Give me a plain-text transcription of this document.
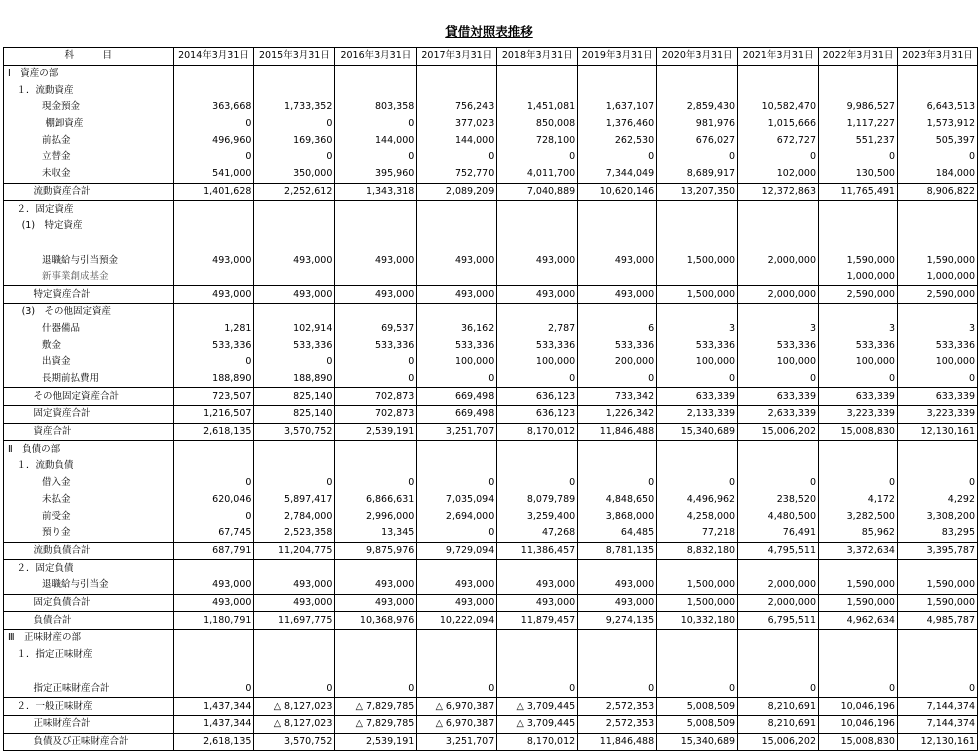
貸借対照表推移
科　　　目	2014年3月31日	2015年3月31日	2016年3月31日	2017年3月31日	2018年3月31日	2019年3月31日	2020年3月31日	2021年3月31日	2022年3月31日	2023年3月31日
Ⅰ　資産の部										
１．流動資産										
現金預金	363,668	1,733,352	803,358	756,243	1,451,081	1,637,107	2,859,430	10,582,470	9,986,527	6,643,513
棚卸資産	0	0	0	377,023	850,008	1,376,460	981,976	1,015,666	1,117,227	1,573,912
前払金	496,960	169,360	144,000	144,000	728,100	262,530	676,027	672,727	551,237	505,397
立替金	0	0	0	0	0	0	0	0	0	0
未収金	541,000	350,000	395,960	752,770	4,011,700	7,344,049	8,689,917	102,000	130,500	184,000
流動資産合計	1,401,628	2,252,612	1,343,318	2,089,209	7,040,889	10,620,146	13,207,350	12,372,863	11,765,491	8,906,822
２．固定資産										
(1)　特定資産										
退職給与引当預金	493,000	493,000	493,000	493,000	493,000	493,000	1,500,000	2,000,000	1,590,000	1,590,000
新事業創成基金									1,000,000	1,000,000
特定資産合計	493,000	493,000	493,000	493,000	493,000	493,000	1,500,000	2,000,000	2,590,000	2,590,000
(3)　その他固定資産										
什器備品	1,281	102,914	69,537	36,162	2,787	6	3	3	3	3
敷金	533,336	533,336	533,336	533,336	533,336	533,336	533,336	533,336	533,336	533,336
出資金	0	0	0	100,000	100,000	200,000	100,000	100,000	100,000	100,000
長期前払費用	188,890	188,890	0	0	0	0	0	0	0	0
その他固定資産合計	723,507	825,140	702,873	669,498	636,123	733,342	633,339	633,339	633,339	633,339
固定資産合計	1,216,507	825,140	702,873	669,498	636,123	1,226,342	2,133,339	2,633,339	3,223,339	3,223,339
資産合計	2,618,135	3,570,752	2,539,191	3,251,707	8,170,012	11,846,488	15,340,689	15,006,202	15,008,830	12,130,161
Ⅱ　負債の部										
１．流動負債										
借入金	0	0	0	0	0	0	0	0	0	0
未払金	620,046	5,897,417	6,866,631	7,035,094	8,079,789	4,848,650	4,496,962	238,520	4,172	4,292
前受金	0	2,784,000	2,996,000	2,694,000	3,259,400	3,868,000	4,258,000	4,480,500	3,282,500	3,308,200
預り金	67,745	2,523,358	13,345	0	47,268	64,485	77,218	76,491	85,962	83,295
流動負債合計	687,791	11,204,775	9,875,976	9,729,094	11,386,457	8,781,135	8,832,180	4,795,511	3,372,634	3,395,787
２．固定負債										
退職給与引当金	493,000	493,000	493,000	493,000	493,000	493,000	1,500,000	2,000,000	1,590,000	1,590,000
固定負債合計	493,000	493,000	493,000	493,000	493,000	493,000	1,500,000	2,000,000	1,590,000	1,590,000
負債合計	1,180,791	11,697,775	10,368,976	10,222,094	11,879,457	9,274,135	10,332,180	6,795,511	4,962,634	4,985,787
Ⅲ　正味財産の部										
１．指定正味財産										
指定正味財産合計	0	0	0	0	0	0	0	0	0	0
２．一般正味財産	1,437,344	△ 8,127,023	△ 7,829,785	△ 6,970,387	△ 3,709,445	2,572,353	5,008,509	8,210,691	10,046,196	7,144,374
正味財産合計	1,437,344	△ 8,127,023	△ 7,829,785	△ 6,970,387	△ 3,709,445	2,572,353	5,008,509	8,210,691	10,046,196	7,144,374
負債及び正味財産合計	2,618,135	3,570,752	2,539,191	3,251,707	8,170,012	11,846,488	15,340,689	15,006,202	15,008,830	12,130,161
